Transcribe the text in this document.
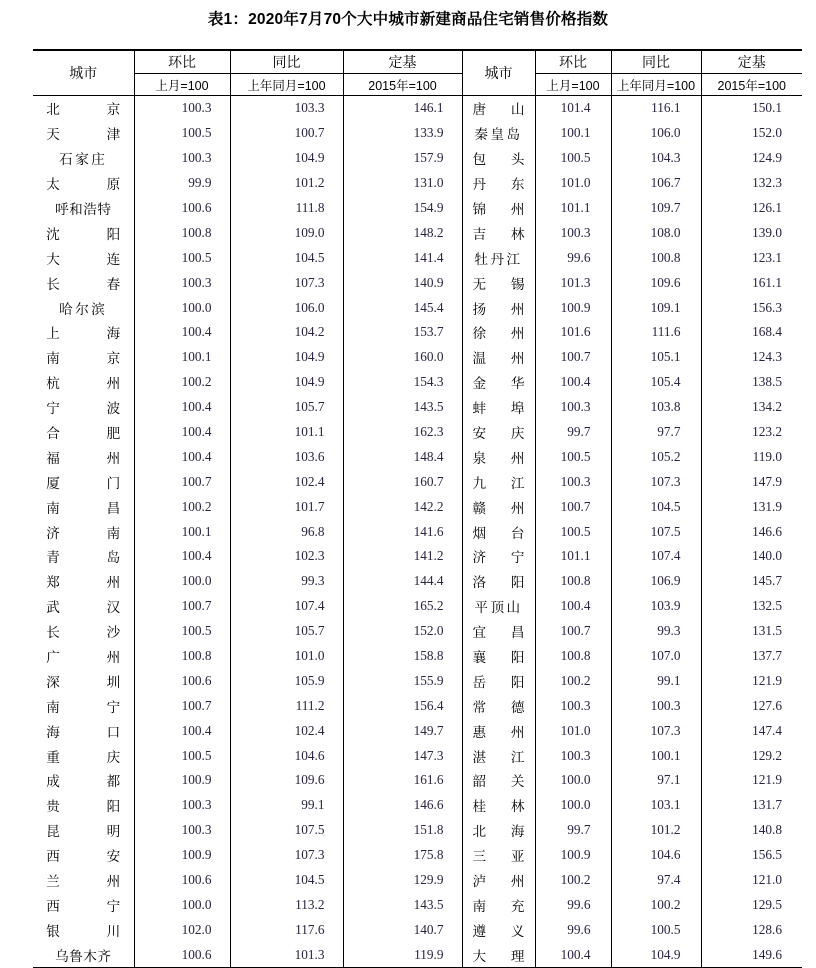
表1：2020年7月70个大中城市新建商品住宅销售价格指数
城市	环比	同比	定基	城市	环比	同比	定基
	上月=100	上年同月=100	2015年=100		上月=100	上年同月=100	2015年=100
北京	100.3	103.3	146.1	唐山	101.4	116.1	150.1
天津	100.5	100.7	133.9	秦皇岛	100.1	106.0	152.0
石家庄	100.3	104.9	157.9	包头	100.5	104.3	124.9
太原	99.9	101.2	131.0	丹东	101.0	106.7	132.3
呼和浩特	100.6	111.8	154.9	锦州	101.1	109.7	126.1
沈阳	100.8	109.0	148.2	吉林	100.3	108.0	139.0
大连	100.5	104.5	141.4	牡丹江	99.6	100.8	123.1
长春	100.3	107.3	140.9	无锡	101.3	109.6	161.1
哈尔滨	100.0	106.0	145.4	扬州	100.9	109.1	156.3
上海	100.4	104.2	153.7	徐州	101.6	111.6	168.4
南京	100.1	104.9	160.0	温州	100.7	105.1	124.3
杭州	100.2	104.9	154.3	金华	100.4	105.4	138.5
宁波	100.4	105.7	143.5	蚌埠	100.3	103.8	134.2
合肥	100.4	101.1	162.3	安庆	99.7	97.7	123.2
福州	100.4	103.6	148.4	泉州	100.5	105.2	119.0
厦门	100.7	102.4	160.7	九江	100.3	107.3	147.9
南昌	100.2	101.7	142.2	赣州	100.7	104.5	131.9
济南	100.1	96.8	141.6	烟台	100.5	107.5	146.6
青岛	100.4	102.3	141.2	济宁	101.1	107.4	140.0
郑州	100.0	99.3	144.4	洛阳	100.8	106.9	145.7
武汉	100.7	107.4	165.2	平顶山	100.4	103.9	132.5
长沙	100.5	105.7	152.0	宜昌	100.7	99.3	131.5
广州	100.8	101.0	158.8	襄阳	100.8	107.0	137.7
深圳	100.6	105.9	155.9	岳阳	100.2	99.1	121.9
南宁	100.7	111.2	156.4	常德	100.3	100.3	127.6
海口	100.4	102.4	149.7	惠州	101.0	107.3	147.4
重庆	100.5	104.6	147.3	湛江	100.3	100.1	129.2
成都	100.9	109.6	161.6	韶关	100.0	97.1	121.9
贵阳	100.3	99.1	146.6	桂林	100.0	103.1	131.7
昆明	100.3	107.5	151.8	北海	99.7	101.2	140.8
西安	100.9	107.3	175.8	三亚	100.9	104.6	156.5
兰州	100.6	104.5	129.9	泸州	100.2	97.4	121.0
西宁	100.0	113.2	143.5	南充	99.6	100.2	129.5
银川	102.0	117.6	140.7	遵义	99.6	100.5	128.6
乌鲁木齐	100.6	101.3	119.9	大理	100.4	104.9	149.6
